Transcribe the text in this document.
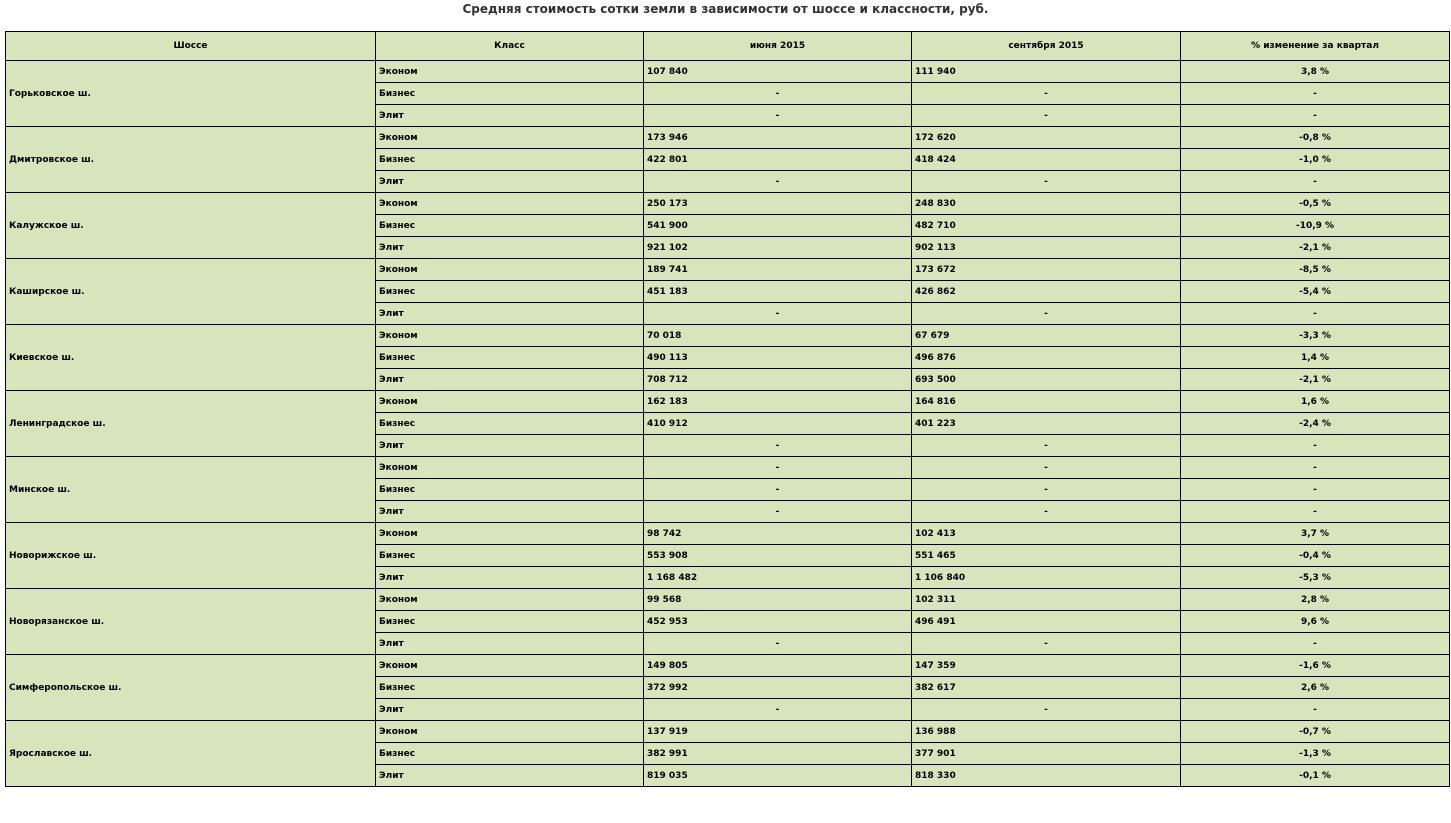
Средняя стоимость сотки земли в зависимости от шоссе и классности, руб.
Шоссе	Класс	июня 2015	сентября 2015	% изменение за квартал
Горьковское ш.	Эконом	107 840	111 940	3,8 %
	Бизнес	-	-	-
	Элит	-	-	-
Дмитровское ш.	Эконом	173 946	172 620	-0,8 %
	Бизнес	422 801	418 424	-1,0 %
	Элит	-	-	-
Калужское ш.	Эконом	250 173	248 830	-0,5 %
	Бизнес	541 900	482 710	-10,9 %
	Элит	921 102	902 113	-2,1 %
Каширское ш.	Эконом	189 741	173 672	-8,5 %
	Бизнес	451 183	426 862	-5,4 %
	Элит	-	-	-
Киевское ш.	Эконом	70 018	67 679	-3,3 %
	Бизнес	490 113	496 876	1,4 %
	Элит	708 712	693 500	-2,1 %
Ленинградское ш.	Эконом	162 183	164 816	1,6 %
	Бизнес	410 912	401 223	-2,4 %
	Элит	-	-	-
Минское ш.	Эконом	-	-	-
	Бизнес	-	-	-
	Элит	-	-	-
Новорижское ш.	Эконом	98 742	102 413	3,7 %
	Бизнес	553 908	551 465	-0,4 %
	Элит	1 168 482	1 106 840	-5,3 %
Новорязанское ш.	Эконом	99 568	102 311	2,8 %
	Бизнес	452 953	496 491	9,6 %
	Элит	-	-	-
Симферопольское ш.	Эконом	149 805	147 359	-1,6 %
	Бизнес	372 992	382 617	2,6 %
	Элит	-	-	-
Ярославское ш.	Эконом	137 919	136 988	-0,7 %
	Бизнес	382 991	377 901	-1,3 %
	Элит	819 035	818 330	-0,1 %
